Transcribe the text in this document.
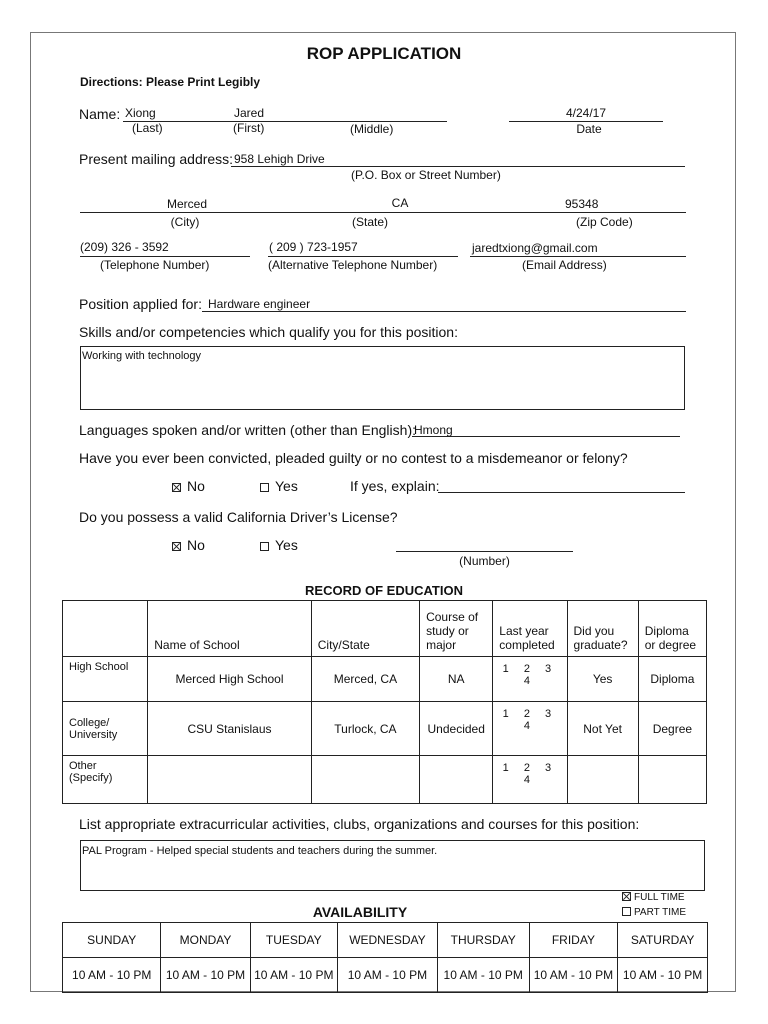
ROP APPLICATION
Directions: Please Print Legibly
Name: Xiong	Jared
(Last)	(First)	(Middle)
4/24/17
Date
Present mailing address: 958 Lehigh Drive
(P.O. Box or Street Number)
Merced	CA	95348
(City)	(State)	(Zip Code)
(209) 326 - 3592	( 209 ) 723-1957	jaredtxiong@gmail.com
(Telephone Number)	(Alternative Telephone Number)	(Email Address)
Position applied for: Hardware engineer
Skills and/or competencies which qualify you for this position:
Working with technology
Languages spoken and/or written (other than English):
Hmong
Have you ever been convicted, pleaded guilty or no contest to a misdemeanor or felony?
No	Yes	If yes, explain:
Do you possess a valid California Driver’s License?
No	Yes
(Number)
RECORD OF EDUCATION
	Name of School	City/State	Course of study or major	Last year completed	Did you graduate?	Diploma or degree
High School	Merced High School	Merced, CA	NA	1 2 3 4	Yes	Diploma
College/ University	CSU Stanislaus	Turlock, CA	Undecided	1 2 3 4	Not Yet	Degree
Other (Specify)				1 2 3 4		
List appropriate extracurricular activities, clubs, organizations and courses for this position:
PAL Program - Helped special students and teachers during the summer.
AVAILABILITY
FULL TIME
PART TIME
SUNDAY	MONDAY	TUESDAY	WEDNESDAY	THURSDAY	FRIDAY	SATURDAY
10 AM - 10 PM	10 AM - 10 PM	10 AM - 10 PM	10 AM - 10 PM	10 AM - 10 PM	10 AM - 10 PM	10 AM - 10 PM
